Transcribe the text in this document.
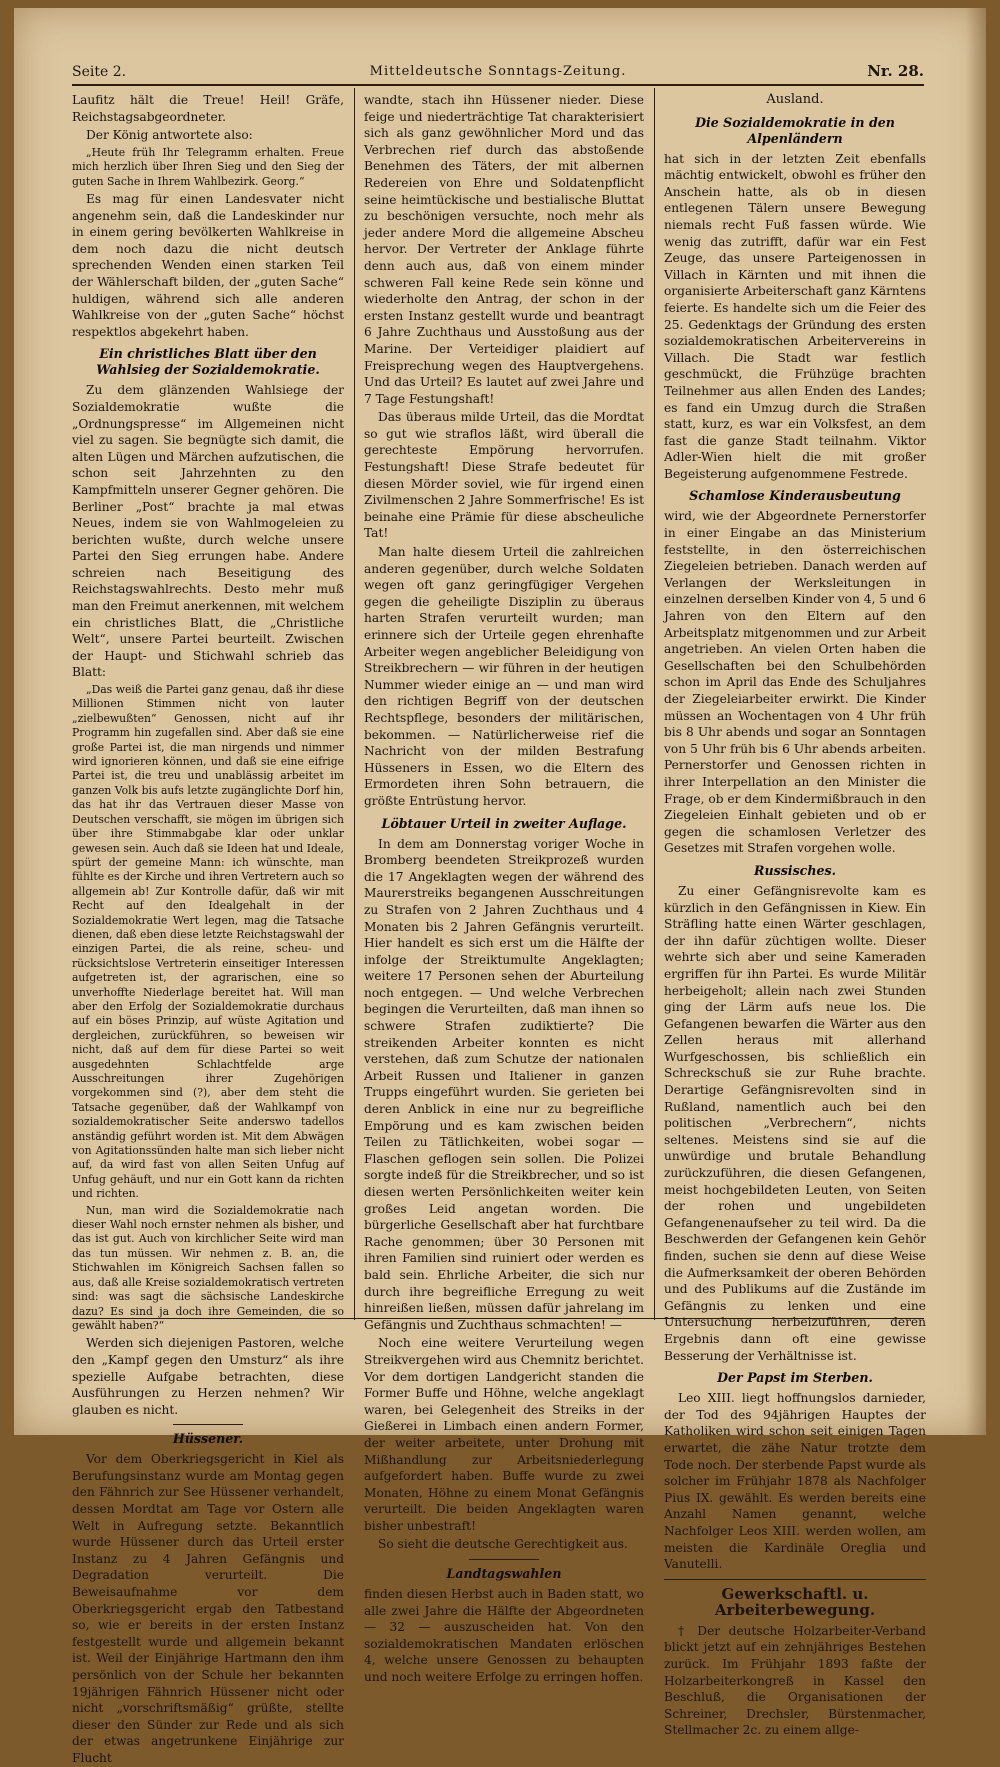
Seite 2.	Mitteldeutsche Sonntags-Zeitung.	Nr. 28.

Laufitz hält die Treue! Heil! Gräfe, Reichstagsabgeordneter.

Der König antwortete also:

„Heute früh Ihr Telegramm erhalten. Freue mich herzlich über Ihren Sieg und den Sieg der guten Sache in Ihrem Wahlbezirk. Georg.“

Es mag für einen Landesvater nicht angenehm sein, daß die Landeskinder nur in einem gering bevölkerten Wahlkreise in dem noch dazu die nicht deutsch sprechenden Wenden einen starken Teil der Wählerschaft bilden, der „guten Sache“ huldigen, während sich alle anderen Wahlkreise von der „guten Sache“ höchst respektlos abgekehrt haben.

Ein christliches Blatt über den Wahlsieg der Sozialdemokratie.

Zu dem glänzenden Wahlsiege der Sozialdemokratie wußte die „Ordnungspresse“ im Allgemeinen nicht viel zu sagen. Sie begnügte sich damit, die alten Lügen und Märchen aufzutischen, die schon seit Jahrzehnten zu den Kampfmitteln unserer Gegner gehören. Die Berliner „Post“ brachte ja mal etwas Neues, indem sie von Wahlmogeleien zu berichten wußte, durch welche unsere Partei den Sieg errungen habe. Andere schreien nach Beseitigung des Reichstagswahlrechts. Desto mehr muß man den Freimut anerkennen, mit welchem ein christliches Blatt, die „Christliche Welt“, unsere Partei beurteilt. Zwischen der Haupt- und Stichwahl schrieb das Blatt:

„Das weiß die Partei ganz genau, daß ihr diese Millionen Stimmen nicht von lauter „zielbewußten“ Genossen, nicht auf ihr Programm hin zugefallen sind. Aber daß sie eine große Partei ist, die man nirgends und nimmer wird ignorieren können, und daß sie eine eifrige Partei ist, die treu und unablässig arbeitet im ganzen Volk bis aufs letzte zugänglichte Dorf hin, das hat ihr das Vertrauen dieser Masse von Deutschen verschafft, sie mögen im übrigen sich über ihre Stimmabgabe klar oder unklar gewesen sein. Auch daß sie Ideen hat und Ideale, spürt der gemeine Mann: ich wünschte, man fühlte es der Kirche und ihren Vertretern auch so allgemein ab! Zur Kontrolle dafür, daß wir mit Recht auf den Idealgehalt in der Sozialdemokratie Wert legen, mag die Tatsache dienen, daß eben diese letzte Reichstagswahl der einzigen Partei, die als reine, scheu- und rücksichtslose Vertreterin einseitiger Interessen aufgetreten ist, der agrarischen, eine so unverhoffte Niederlage bereitet hat. Will man aber den Erfolg der Sozialdemokratie durchaus auf ein böses Prinzip, auf wüste Agitation und dergleichen, zurückführen, so beweisen wir nicht, daß auf dem für diese Partei so weit ausgedehnten Schlachtfelde arge Ausschreitungen ihrer Zugehörigen vorgekommen sind (?), aber dem steht die Tatsache gegenüber, daß der Wahlkampf von sozialdemokratischer Seite anderswo tadellos anständig geführt worden ist. Mit dem Abwägen von Agitationssünden halte man sich lieber nicht auf, da wird fast von allen Seiten Unfug auf Unfug gehäuft, und nur ein Gott kann da richten und richten.

Nun, man wird die Sozialdemokratie nach dieser Wahl noch ernster nehmen als bisher, und das ist gut. Auch von kirchlicher Seite wird man das tun müssen. Wir nehmen z. B. an, die Stichwahlen im Königreich Sachsen fallen so aus, daß alle Kreise sozialdemokratisch vertreten sind: was sagt die sächsische Landeskirche dazu? Es sind ja doch ihre Gemeinden, die so gewählt haben?“

Werden sich diejenigen Pastoren, welche den „Kampf gegen den Umsturz“ als ihre spezielle Aufgabe betrachten, diese Ausführungen zu Herzen nehmen? Wir glauben es nicht.

Hüssener.

Vor dem Oberkriegsgericht in Kiel als Berufungsinstanz wurde am Montag gegen den Fähnrich zur See Hüssener verhandelt, dessen Mordtat am Tage vor Ostern alle Welt in Aufregung setzte. Bekanntlich wurde Hüssener durch das Urteil erster Instanz zu 4 Jahren Gefängnis und Degradation verurteilt. Die Beweisaufnahme vor dem Oberkriegsgericht ergab den Tatbestand so, wie er bereits in der ersten Instanz festgestellt wurde und allgemein bekannt ist. Weil der Einjährige Hartmann den ihm persönlich von der Schule her bekannten 19jährigen Fähnrich Hüssener nicht oder nicht „vorschriftsmäßig“ grüßte, stellte dieser den Sünder zur Rede und als sich der etwas angetrunkene Einjährige zur Flucht

wandte, stach ihn Hüssener nieder. Diese feige und niederträchtige Tat charakterisiert sich als ganz gewöhnlicher Mord und das Verbrechen rief durch das abstoßende Benehmen des Täters, der mit albernen Redereien von Ehre und Soldatenpflicht seine heimtückische und bestialische Bluttat zu beschönigen versuchte, noch mehr als jeder andere Mord die allgemeine Abscheu hervor. Der Vertreter der Anklage führte denn auch aus, daß von einem minder schweren Fall keine Rede sein könne und wiederholte den Antrag, der schon in der ersten Instanz gestellt wurde und beantragt 6 Jahre Zuchthaus und Ausstoßung aus der Marine. Der Verteidiger plaidiert auf Freisprechung wegen des Hauptvergehens. Und das Urteil? Es lautet auf zwei Jahre und 7 Tage Festungshaft!

Das überaus milde Urteil, das die Mordtat so gut wie straflos läßt, wird überall die gerechteste Empörung hervorrufen. Festungshaft! Diese Strafe bedeutet für diesen Mörder soviel, wie für irgend einen Zivilmenschen 2 Jahre Sommerfrische! Es ist beinahe eine Prämie für diese abscheuliche Tat!

Man halte diesem Urteil die zahlreichen anderen gegenüber, durch welche Soldaten wegen oft ganz geringfügiger Vergehen gegen die geheiligte Disziplin zu überaus harten Strafen verurteilt wurden; man erinnere sich der Urteile gegen ehrenhafte Arbeiter wegen angeblicher Beleidigung von Streikbrechern — wir führen in der heutigen Nummer wieder einige an — und man wird den richtigen Begriff von der deutschen Rechtspflege, besonders der militärischen, bekommen. — Natürlicherweise rief die Nachricht von der milden Bestrafung Hüsseners in Essen, wo die Eltern des Ermordeten ihren Sohn betrauern, die größte Entrüstung hervor.

Löbtauer Urteil in zweiter Auflage.

In dem am Donnerstag voriger Woche in Bromberg beendeten Streikprozeß wurden die 17 Angeklagten wegen der während des Maurerstreiks begangenen Ausschreitungen zu Strafen von 2 Jahren Zuchthaus und 4 Monaten bis 2 Jahren Gefängnis verurteilt. Hier handelt es sich erst um die Hälfte der infolge der Streiktumulte Angeklagten; weitere 17 Personen sehen der Aburteilung noch entgegen. — Und welche Verbrechen begingen die Verurteilten, daß man ihnen so schwere Strafen zudiktierte? Die streikenden Arbeiter konnten es nicht verstehen, daß zum Schutze der nationalen Arbeit Russen und Italiener in ganzen Trupps eingeführt wurden. Sie gerieten bei deren Anblick in eine nur zu begreifliche Empörung und es kam zwischen beiden Teilen zu Tätlichkeiten, wobei sogar — Flaschen geflogen sein sollen. Die Polizei sorgte indeß für die Streikbrecher, und so ist diesen werten Persönlichkeiten weiter kein großes Leid angetan worden. Die bürgerliche Gesellschaft aber hat furchtbare Rache genommen; über 30 Personen mit ihren Familien sind ruiniert oder werden es bald sein. Ehrliche Arbeiter, die sich nur durch ihre begreifliche Erregung zu weit hinreißen ließen, müssen dafür jahrelang im Gefängnis und Zuchthaus schmachten! —

Noch eine weitere Verurteilung wegen Streikvergehen wird aus Chemnitz berichtet. Vor dem dortigen Landgericht standen die Former Buffe und Höhne, welche angeklagt waren, bei Gelegenheit des Streiks in der Gießerei in Limbach einen andern Former, der weiter arbeitete, unter Drohung mit Mißhandlung zur Arbeitsniederlegung aufgefordert haben. Buffe wurde zu zwei Monaten, Höhne zu einem Monat Gefängnis verurteilt. Die beiden Angeklagten waren bisher unbestraft!

So sieht die deutsche Gerechtigkeit aus.

Landtagswahlen

finden diesen Herbst auch in Baden statt, wo alle zwei Jahre die Hälfte der Abgeordneten — 32 — auszuscheiden hat. Von den sozialdemokratischen Mandaten erlöschen 4, welche unsere Genossen zu behaupten und noch weitere Erfolge zu erringen hoffen.

Ausland.
Die Sozialdemokratie in den Alpenländern

hat sich in der letzten Zeit ebenfalls mächtig entwickelt, obwohl es früher den Anschein hatte, als ob in diesen entlegenen Tälern unsere Bewegung niemals recht Fuß fassen würde. Wie wenig das zutrifft, dafür war ein Fest Zeuge, das unsere Parteigenossen in Villach in Kärnten und mit ihnen die organisierte Arbeiterschaft ganz Kärntens feierte. Es handelte sich um die Feier des 25. Gedenktags der Gründung des ersten sozialdemokratischen Arbeitervereins in Villach. Die Stadt war festlich geschmückt, die Frühzüge brachten Teilnehmer aus allen Enden des Landes; es fand ein Umzug durch die Straßen statt, kurz, es war ein Volksfest, an dem fast die ganze Stadt teilnahm. Viktor Adler-Wien hielt die mit großer Begeisterung aufgenommene Festrede.

Schamlose Kinderausbeutung

wird, wie der Abgeordnete Pernerstorfer in einer Eingabe an das Ministerium feststellte, in den österreichischen Ziegeleien betrieben. Danach werden auf Verlangen der Werksleitungen in einzelnen derselben Kinder von 4, 5 und 6 Jahren von den Eltern auf den Arbeitsplatz mitgenommen und zur Arbeit angetrieben. An vielen Orten haben die Gesellschaften bei den Schulbehörden schon im April das Ende des Schuljahres der Ziegeleiarbeiter erwirkt. Die Kinder müssen an Wochentagen von 4 Uhr früh bis 8 Uhr abends und sogar an Sonntagen von 5 Uhr früh bis 6 Uhr abends arbeiten. Pernerstorfer und Genossen richten in ihrer Interpellation an den Minister die Frage, ob er dem Kindermißbrauch in den Ziegeleien Einhalt gebieten und ob er gegen die schamlosen Verletzer des Gesetzes mit Strafen vorgehen wolle.

Russisches.

Zu einer Gefängnisrevolte kam es kürzlich in den Gefängnissen in Kiew. Ein Sträfling hatte einen Wärter geschlagen, der ihn dafür züchtigen wollte. Dieser wehrte sich aber und seine Kameraden ergriffen für ihn Partei. Es wurde Militär herbeigeholt; allein nach zwei Stunden ging der Lärm aufs neue los. Die Gefangenen bewarfen die Wärter aus den Zellen heraus mit allerhand Wurfgeschossen, bis schließlich ein Schreckschuß sie zur Ruhe brachte. Derartige Gefängnisrevolten sind in Rußland, namentlich auch bei den politischen „Verbrechern“, nichts seltenes. Meistens sind sie auf die unwürdige und brutale Behandlung zurückzuführen, die diesen Gefangenen, meist hochgebildeten Leuten, von Seiten der rohen und ungebildeten Gefangenenaufseher zu teil wird. Da die Beschwerden der Gefangenen kein Gehör finden, suchen sie denn auf diese Weise die Aufmerksamkeit der oberen Behörden und des Publikums auf die Zustände im Gefängnis zu lenken und eine Untersuchung herbeizuführen, deren Ergebnis dann oft eine gewisse Besserung der Verhältnisse ist.

Der Papst im Sterben.

Leo XIII. liegt hoffnungslos darnieder, der Tod des 94jährigen Hauptes der Katholiken wird schon seit einigen Tagen erwartet, die zähe Natur trotzte dem Tode noch. Der sterbende Papst wurde als solcher im Frühjahr 1878 als Nachfolger Pius IX. gewählt. Es werden bereits eine Anzahl Namen genannt, welche Nachfolger Leos XIII. werden wollen, am meisten die Kardinäle Oreglia und Vanutelli.

Gewerkschaftl. u. Arbeiterbewegung.

† Der deutsche Holzarbeiter-Verband blickt jetzt auf ein zehnjähriges Bestehen zurück. Im Frühjahr 1893 faßte der Holzarbeiterkongreß in Kassel den Beschluß, die Organisationen der Schreiner, Drechsler, Bürstenmacher, Stellmacher 2c. zu einem allge-
